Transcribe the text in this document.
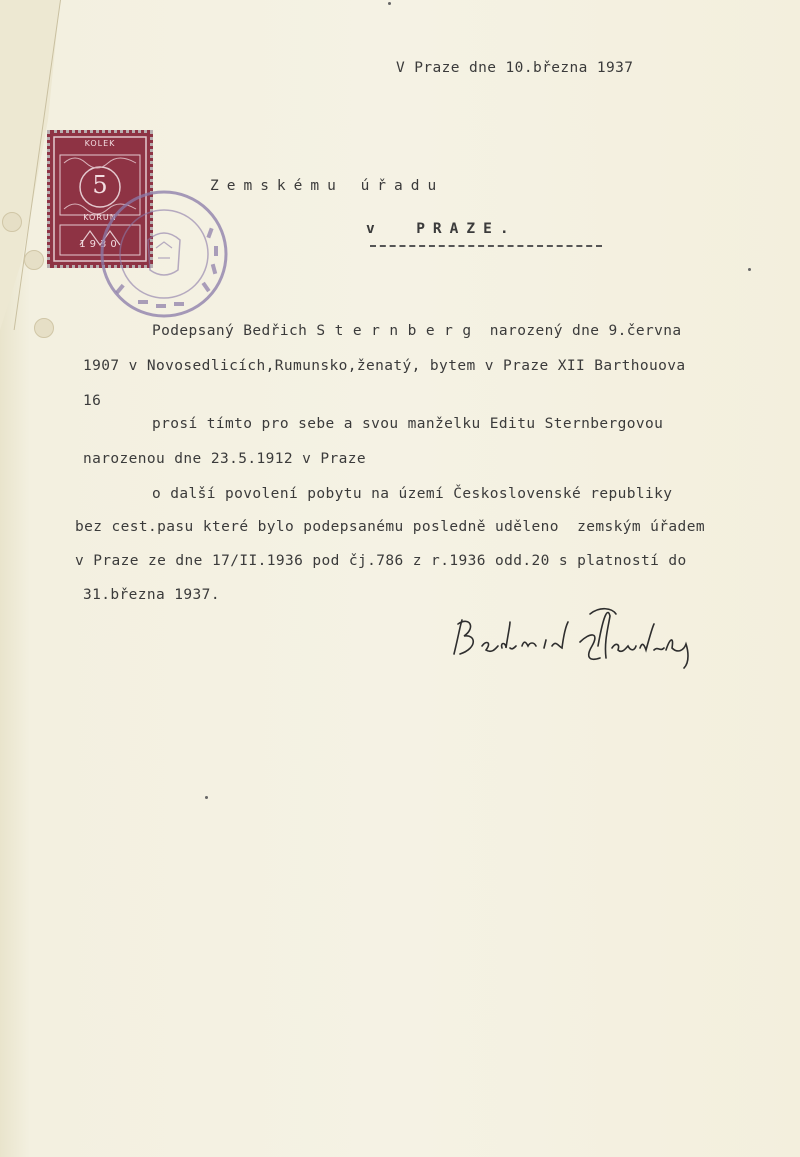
V Praze dne 10.března 1937
Zemskému úřadu
v  PRAZE.
KOLEK
5
KORUN
1930
Podepsaný Bedřich S t e r n b e r g  narozený dne 9.června
1907 v Novosedlicích,Rumunsko,ženatý, bytem v Praze XII Barthouova
16
prosí tímto pro sebe a svou manželku Editu Sternbergovou
narozenou dne 23.5.1912 v Praze
o další povolení pobytu na území Československé republiky
bez cest.pasu které bylo podepsanému posledně uděleno  zemským úřadem
v Praze ze dne 17/II.1936 pod čj.786 z r.1936 odd.20 s platností do
31.března 1937.
